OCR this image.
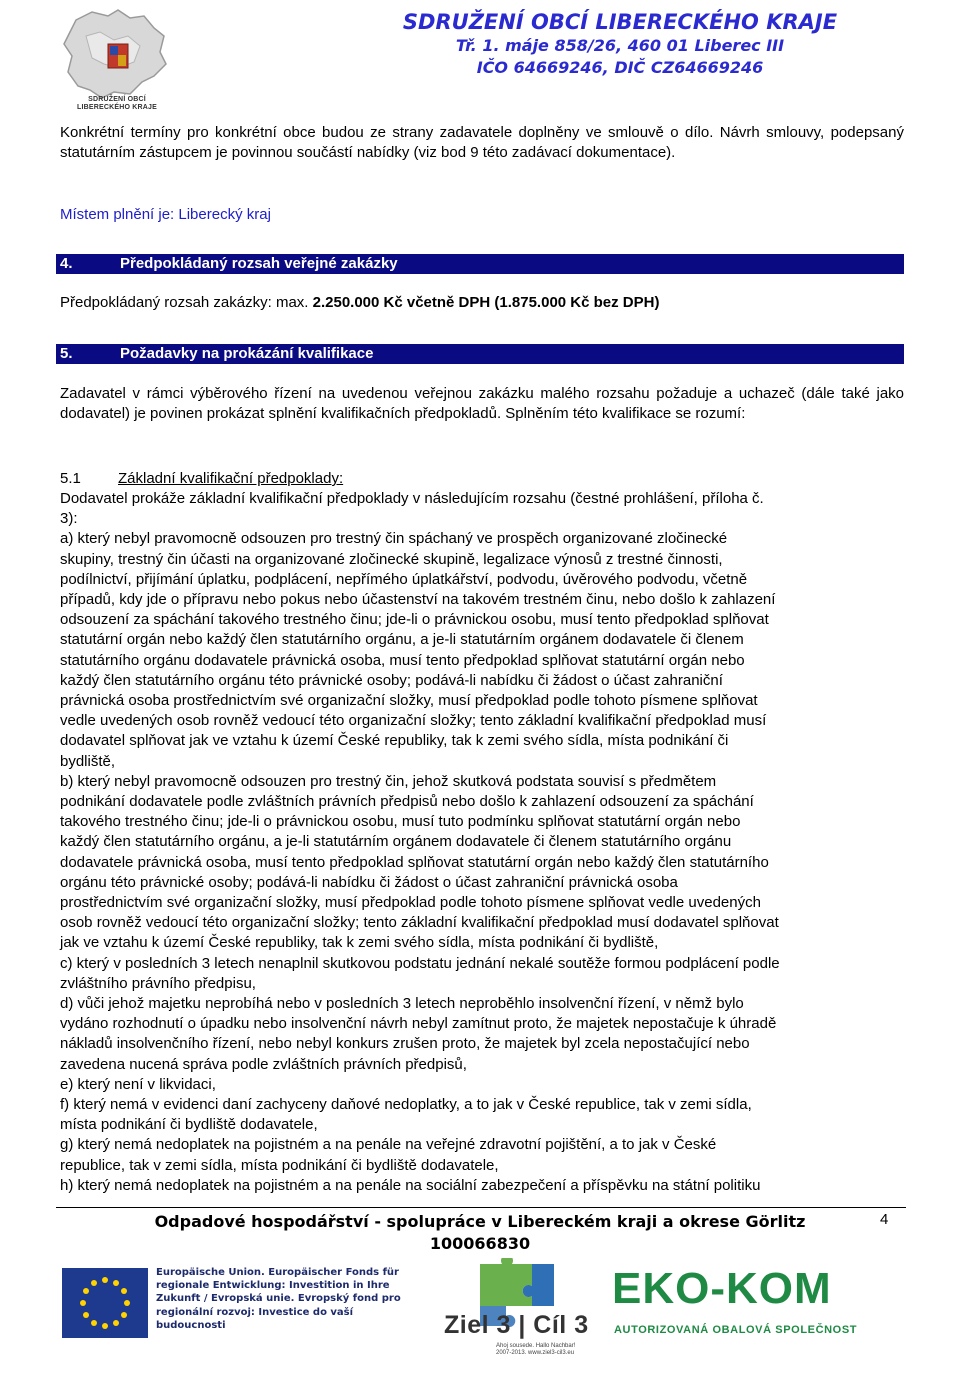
SDRUŽENÍ OBCÍ LIBERECKÉHO KRAJE
SDRUŽENÍ OBCÍ LIBERECKÉHO KRAJE
Tř. 1. máje 858/26, 460 01 Liberec III
IČO 64669246, DIČ CZ64669246
Konkrétní termíny pro konkrétní obce budou ze strany zadavatele doplněny ve smlouvě o dílo. Návrh smlouvy, podepsaný statutárním zástupcem je povinnou součástí nabídky (viz bod 9 této zadávací dokumentace).
Místem plnění je: Liberecký kraj
4.	Předpokládaný rozsah veřejné zakázky
Předpokládaný rozsah zakázky: max. 2.250.000 Kč včetně DPH (1.875.000 Kč bez DPH)
5.	Požadavky na prokázání kvalifikace
Zadavatel v rámci výběrového řízení na uvedenou veřejnou zakázku malého rozsahu požaduje a uchazeč (dále také jako dodavatel) je povinen prokázat splnění kvalifikačních předpokladů. Splněním této kvalifikace se rozumí:
5.1 Základní kvalifikační předpoklady:
Dodavatel prokáže základní kvalifikační předpoklady v následujícím rozsahu (čestné prohlášení, příloha č.
3):
a) který nebyl pravomocně odsouzen pro trestný čin spáchaný ve prospěch organizované zločinecké
skupiny, trestný čin účasti na organizované zločinecké skupině, legalizace výnosů z trestné činnosti,
podílnictví, přijímání úplatku, podplácení, nepřímého úplatkářství, podvodu, úvěrového podvodu, včetně
případů, kdy jde o přípravu nebo pokus nebo účastenství na takovém trestném činu, nebo došlo k zahlazení
odsouzení za spáchání takového trestného činu; jde-li o právnickou osobu, musí tento předpoklad splňovat
statutární orgán nebo každý člen statutárního orgánu, a je-li statutárním orgánem dodavatele či členem
statutárního orgánu dodavatele právnická osoba, musí tento předpoklad splňovat statutární orgán nebo
každý člen statutárního orgánu této právnické osoby; podává-li nabídku či žádost o účast zahraniční
právnická osoba prostřednictvím své organizační složky, musí předpoklad podle tohoto písmene splňovat
vedle uvedených osob rovněž vedoucí této organizační složky; tento základní kvalifikační předpoklad musí
dodavatel splňovat jak ve vztahu k území České republiky, tak k zemi svého sídla, místa podnikání či
bydliště,
b) který nebyl pravomocně odsouzen pro trestný čin, jehož skutková podstata souvisí s předmětem
podnikání dodavatele podle zvláštních právních předpisů nebo došlo k zahlazení odsouzení za spáchání
takového trestného činu; jde-li o právnickou osobu, musí tuto podmínku splňovat statutární orgán nebo
každý člen statutárního orgánu, a je-li statutárním orgánem dodavatele či členem statutárního orgánu
dodavatele právnická osoba, musí tento předpoklad splňovat statutární orgán nebo každý člen statutárního
orgánu této právnické osoby; podává-li nabídku či žádost o účast zahraniční právnická osoba
prostřednictvím své organizační složky, musí předpoklad podle tohoto písmene splňovat vedle uvedených
osob rovněž vedoucí této organizační složky; tento základní kvalifikační předpoklad musí dodavatel splňovat
jak ve vztahu k území České republiky, tak k zemi svého sídla, místa podnikání či bydliště,
c) který v posledních 3 letech nenaplnil skutkovou podstatu jednání nekalé soutěže formou podplácení podle
zvláštního právního předpisu,
d) vůči jehož majetku neprobíhá nebo v posledních 3 letech neproběhlo insolvenční řízení, v němž bylo
vydáno rozhodnutí o úpadku nebo insolvenční návrh nebyl zamítnut proto, že majetek nepostačuje k úhradě
nákladů insolvenčního řízení, nebo nebyl konkurs zrušen proto, že majetek byl zcela nepostačující nebo
zavedena nucená správa podle zvláštních právních předpisů,
e) který není v likvidaci,
f) který nemá v evidenci daní zachyceny daňové nedoplatky, a to jak v České republice, tak v zemi sídla,
místa podnikání či bydliště dodavatele,
g) který nemá nedoplatek na pojistném a na penále na veřejné zdravotní pojištění, a to jak v České
republice, tak v zemi sídla, místa podnikání či bydliště dodavatele,
h) který nemá nedoplatek na pojistném a na penále na sociální zabezpečení a příspěvku na státní politiku
Odpadové hospodářství - spolupráce v Libereckém kraji a okrese Görlitz 100066830
4
Europäische Union. Europäischer Fonds für regionale Entwicklung: Investition in Ihre Zukunft / Evropská unie. Evropský fond pro regionální rozvoj: Investice do vaší budoucnosti	Ziel 3 | Cíl 3
Ahoj sousede. Hallo Nachbar! 2007-2013. www.ziel3-cil3.eu
EKO-KOM
AUTORIZOVANÁ OBALOVÁ SPOLEČNOST
